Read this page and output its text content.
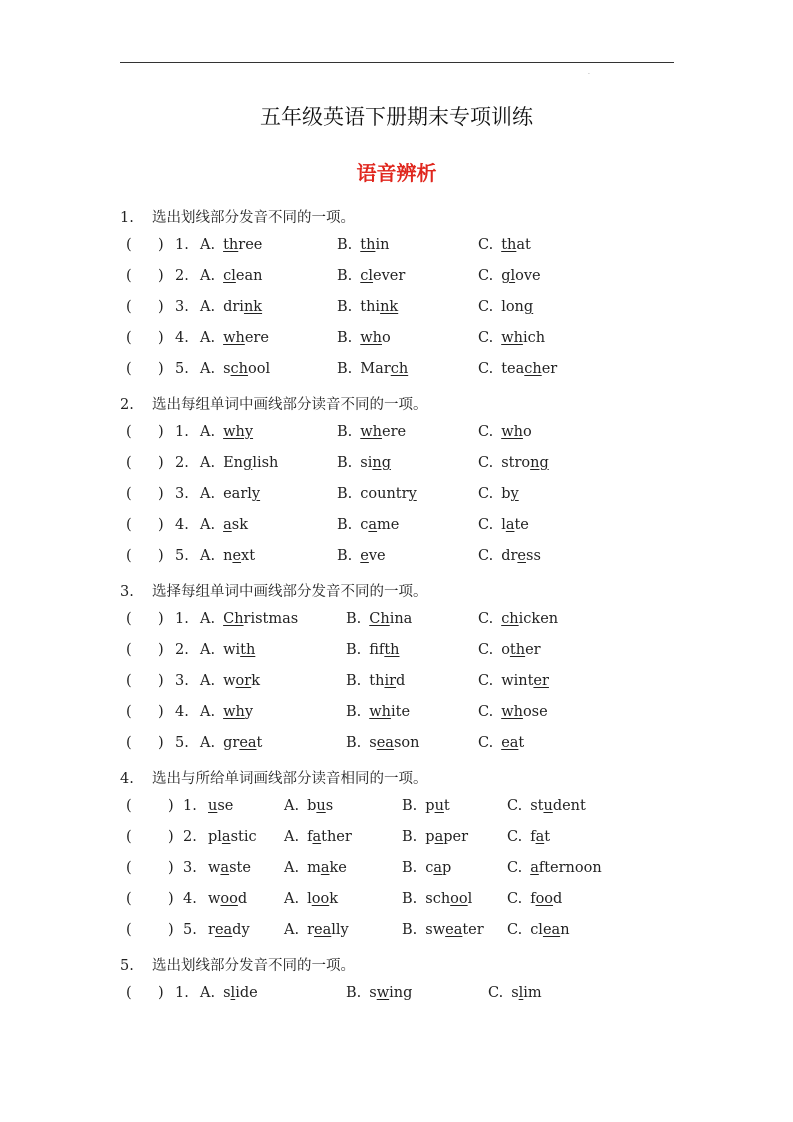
·
五年级英语下册期末专项训练
语音辨析
1. 选出划线部分发音不同的一项。
( ) 1. A. three	B. thin	C. that
( ) 2. A. clean	B. clever	C. glove
( ) 3. A. drink	B. think	C. long
( ) 4. A. where	B. who	C. which
( ) 5. A. school	B. March	C. teacher
2. 选出每组单词中画线部分读音不同的一项。
( ) 1. A. why	B. where	C. who
( ) 2. A. English	B. sing	C. strong
( ) 3. A. early	B. country	C. by
( ) 4. A. ask	B. came	C. late
( ) 5. A. next	B. eve	C. dress
3. 选择每组单词中画线部分发音不同的一项。
( ) 1. A. Christmas	B. China	C. chicken
( ) 2. A. with	B. fifth	C. other
( ) 3. A. work	B. third	C. winter
( ) 4. A. why	B. white	C. whose
( ) 5. A. great	B. season	C. eat
4. 选出与所给单词画线部分读音相同的一项。
(	) 1. use	A. bus	B. put	C. student
(	) 2. plastic A. father	B. paper	C. fat
(	) 3. waste A. make	B. cap	C. afternoon
(	) 4. wood	A. look	B. school C. food
(	) 5. ready A. really	B. sweater C. clean
5. 选出划线部分发音不同的一项。
( ) 1. A. slide	B. swing	C. slim
